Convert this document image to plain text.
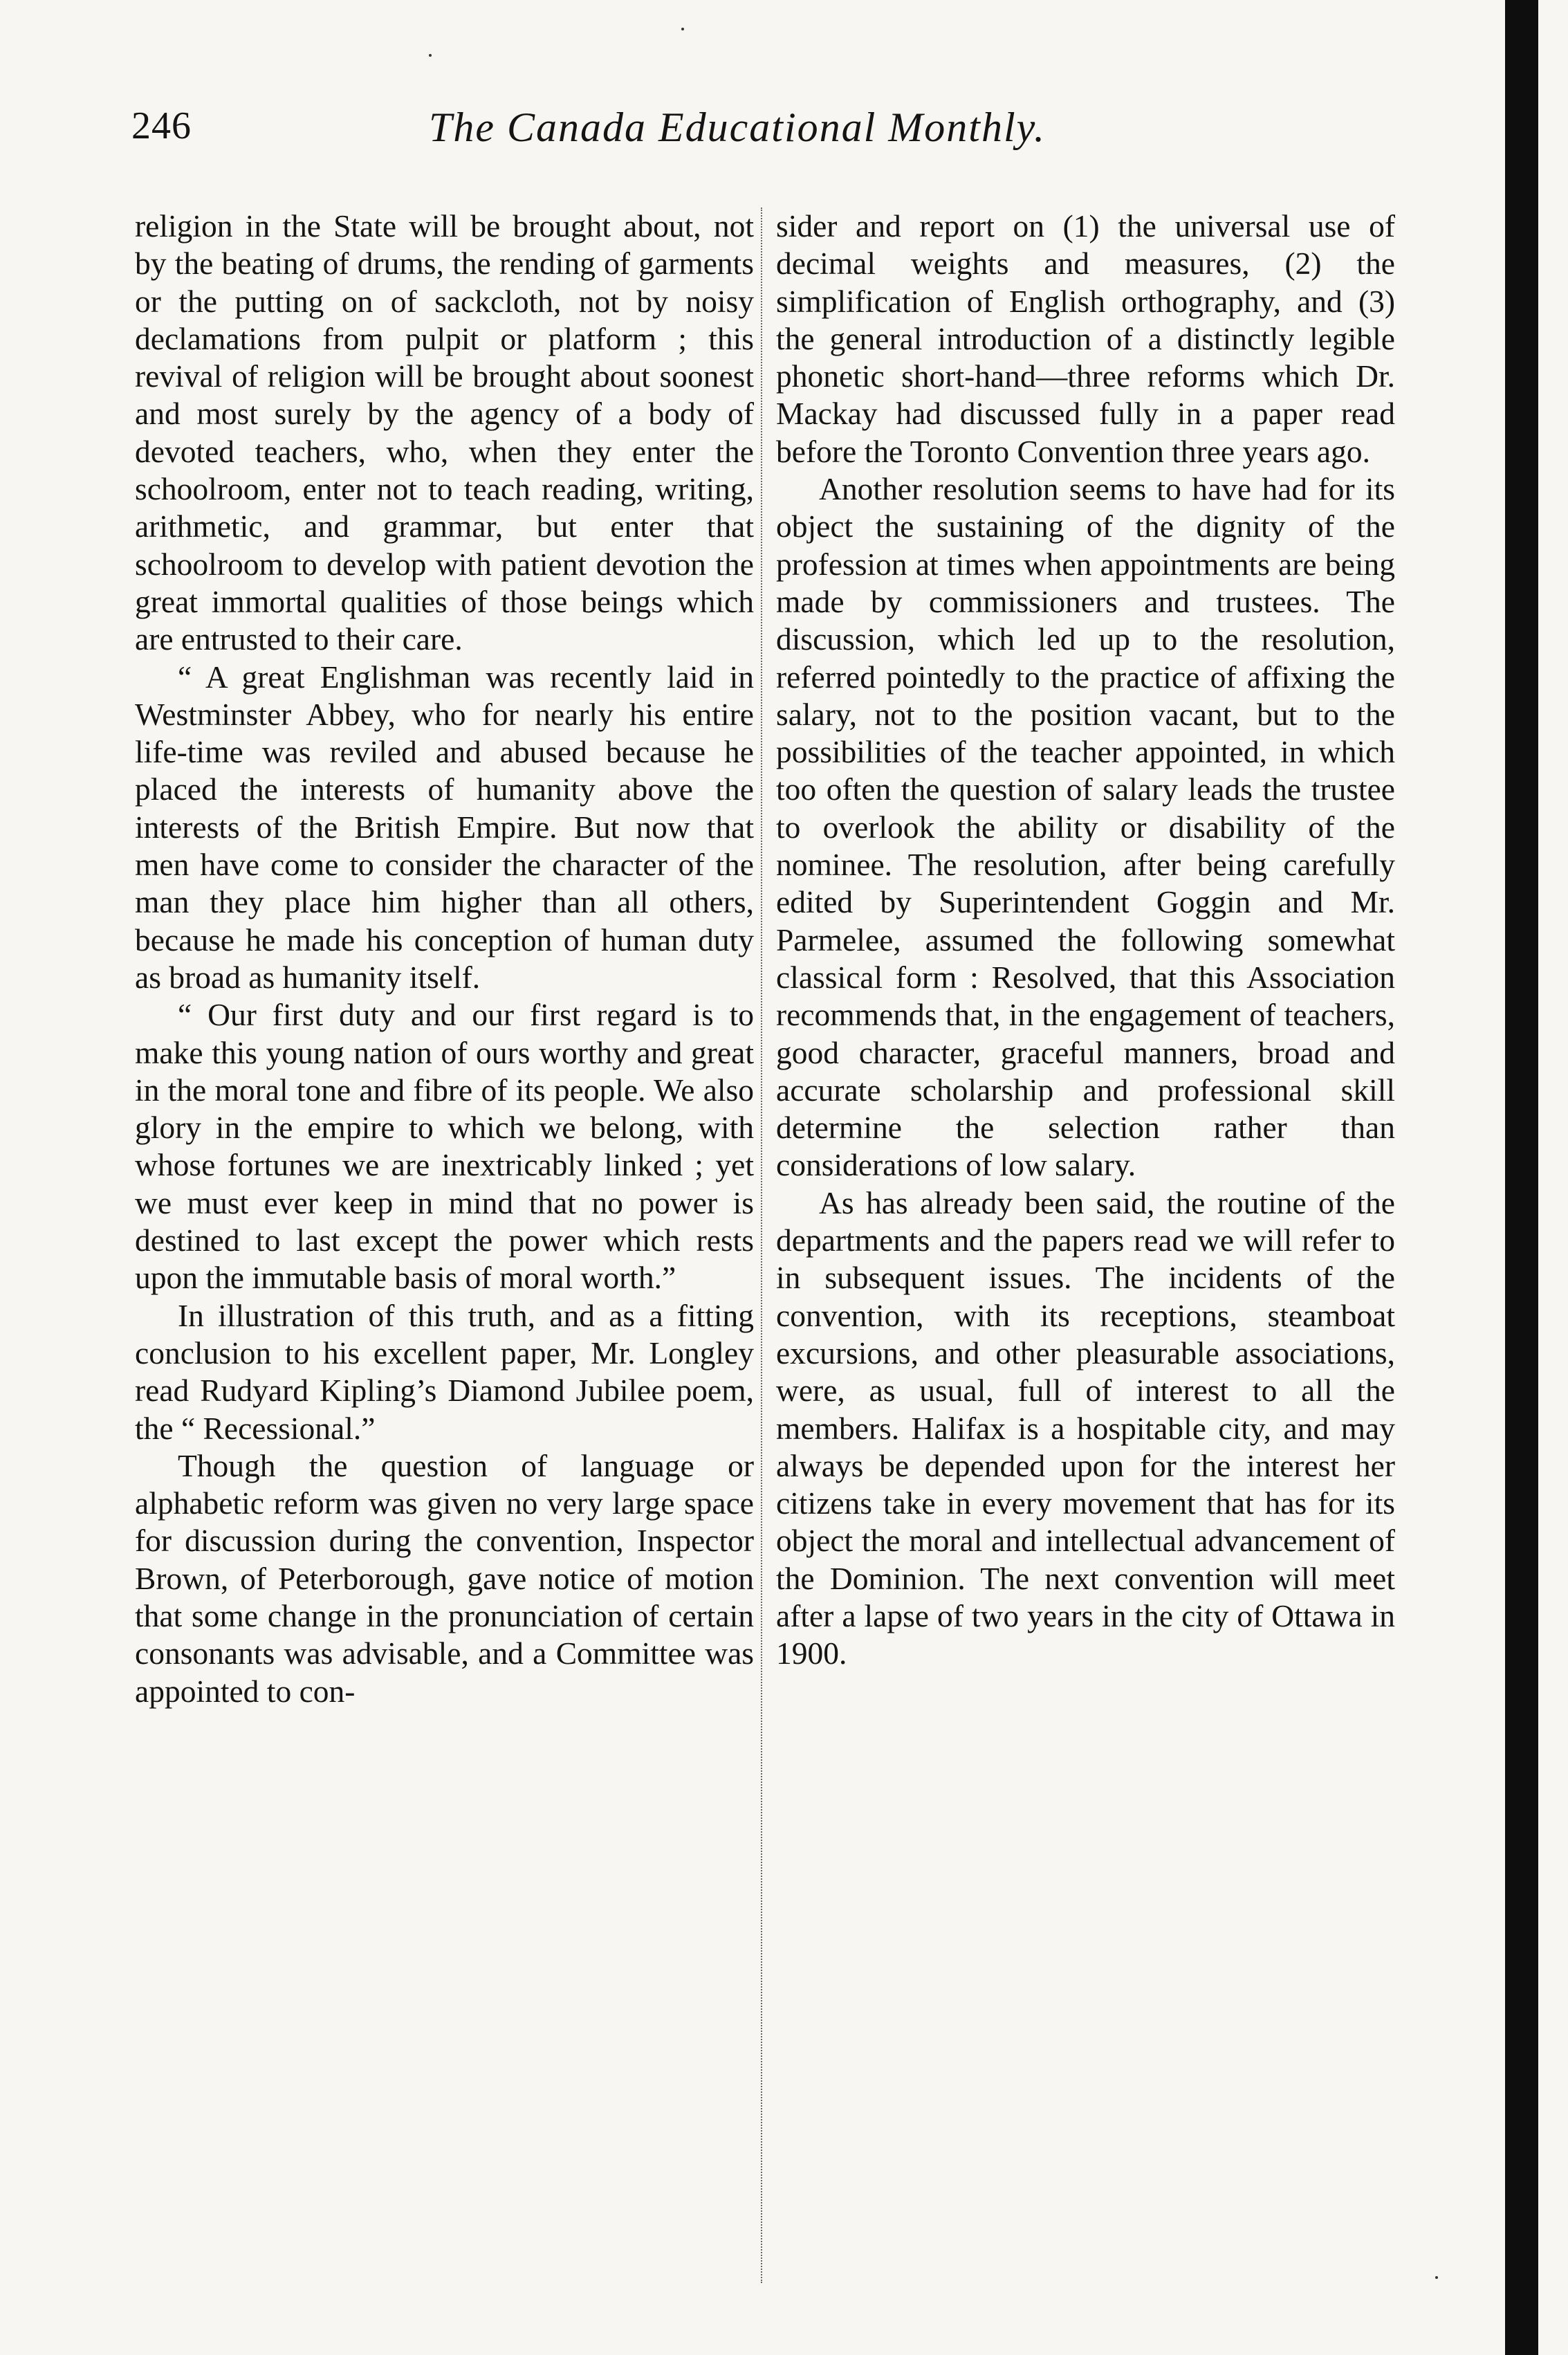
246	The Canada Educational Monthly.

religion in the State will be brought about, not by the beating of drums, the rending of garments or the putting on of sackcloth, not by noisy declamations from pulpit or platform ; this revival of religion will be brought about soonest and most surely by the agency of a body of devoted teachers, who, when they enter the schoolroom, enter not to teach reading, writing, arithmetic, and grammar, but enter that schoolroom to develop with patient devotion the great immortal qualities of those beings which are entrusted to their care.

“ A great Englishman was recently laid in Westminster Abbey, who for nearly his entire life-time was reviled and abused because he placed the interests of humanity above the interests of the British Empire. But now that men have come to consider the character of the man they place him higher than all others, because he made his conception of human duty as broad as humanity itself.

“ Our first duty and our first regard is to make this young nation of ours worthy and great in the moral tone and fibre of its people. We also glory in the empire to which we belong, with whose fortunes we are inextricably linked ; yet we must ever keep in mind that no power is destined to last except the power which rests upon the immutable basis of moral worth.”

In illustration of this truth, and as a fitting conclusion to his excellent paper, Mr. Longley read Rudyard Kipling’s Diamond Jubilee poem, the “ Recessional.”

Though the question of language or alphabetic reform was given no very large space for discussion during the convention, Inspector Brown, of Peterborough, gave notice of motion that some change in the pronunciation of certain consonants was advisable, and a Committee was appointed to con-

sider and report on (1) the universal use of decimal weights and measures, (2) the simplification of English orthography, and (3) the general introduction of a distinctly legible phonetic short-hand—three reforms which Dr. Mackay had discussed fully in a paper read before the Toronto Convention three years ago.

Another resolution seems to have had for its object the sustaining of the dignity of the profession at times when appointments are being made by commissioners and trustees. The discussion, which led up to the resolution, referred pointedly to the practice of affixing the salary, not to the position vacant, but to the possibilities of the teacher appointed, in which too often the question of salary leads the trustee to overlook the ability or disability of the nominee. The resolution, after being carefully edited by Superintendent Goggin and Mr. Parmelee, assumed the following somewhat classical form : Resolved, that this Association recommends that, in the engagement of teachers, good character, graceful manners, broad and accurate scholarship and professional skill determine the selection rather than considerations of low salary.

As has already been said, the routine of the departments and the papers read we will refer to in subsequent issues. The incidents of the convention, with its receptions, steamboat excursions, and other pleasurable associations, were, as usual, full of interest to all the members. Halifax is a hospitable city, and may always be depended upon for the interest her citizens take in every movement that has for its object the moral and intellectual advancement of the Dominion. The next convention will meet after a lapse of two years in the city of Ottawa in 1900.
